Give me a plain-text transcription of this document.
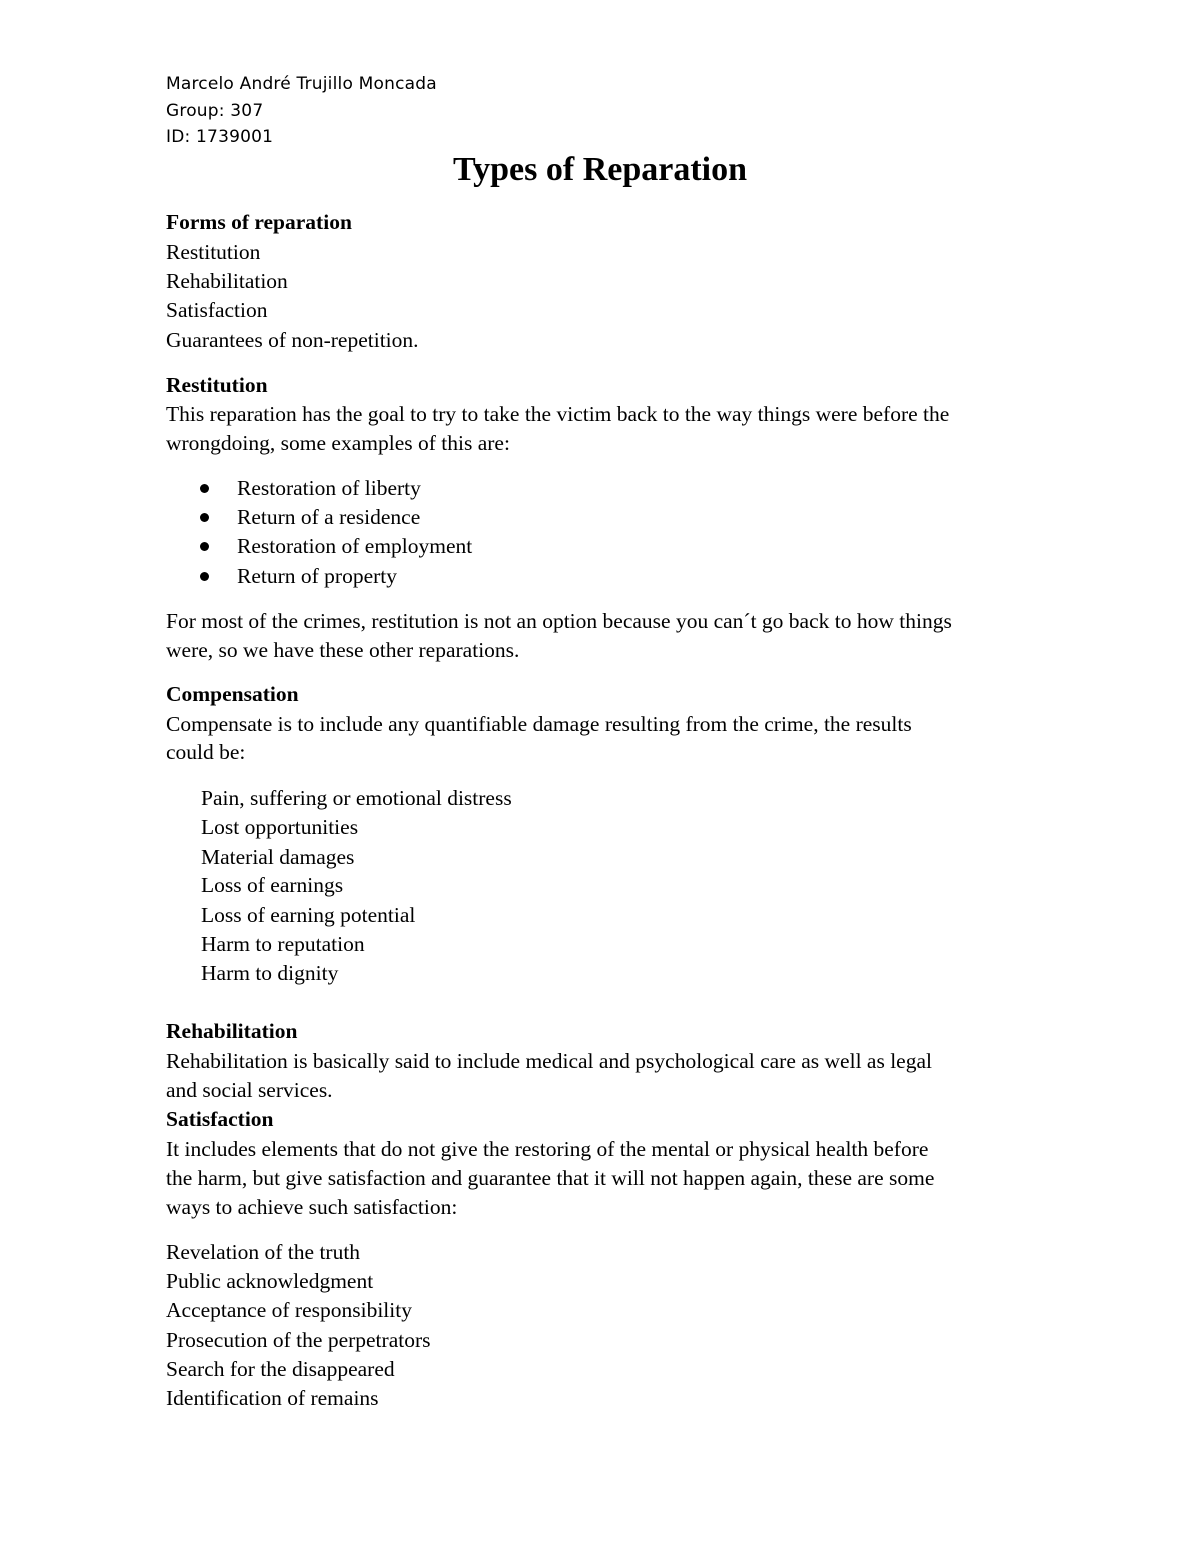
Marcelo André Trujillo Moncada
Group: 307
ID: 1739001
Types of Reparation
Forms of reparation
Restitution
Rehabilitation
Satisfaction
Guarantees of non-repetition.
Restitution
This reparation has the goal to try to take the victim back to the way things were before the
wrongdoing, some examples of this are:
Restoration of liberty
Return of a residence
Restoration of employment
Return of property
For most of the crimes, restitution is not an option because you can´t go back to how things
were, so we have these other reparations.
Compensation
Compensate is to include any quantifiable damage resulting from the crime, the results
could be:
Pain, suffering or emotional distress
Lost opportunities
Material damages
Loss of earnings
Loss of earning potential
Harm to reputation
Harm to dignity
Rehabilitation
Rehabilitation is basically said to include medical and psychological care as well as legal
and social services.
Satisfaction
It includes elements that do not give the restoring of the mental or physical health before
the harm, but give satisfaction and guarantee that it will not happen again, these are some
ways to achieve such satisfaction:
Revelation of the truth
Public acknowledgment
Acceptance of responsibility
Prosecution of the perpetrators
Search for the disappeared
Identification of remains
